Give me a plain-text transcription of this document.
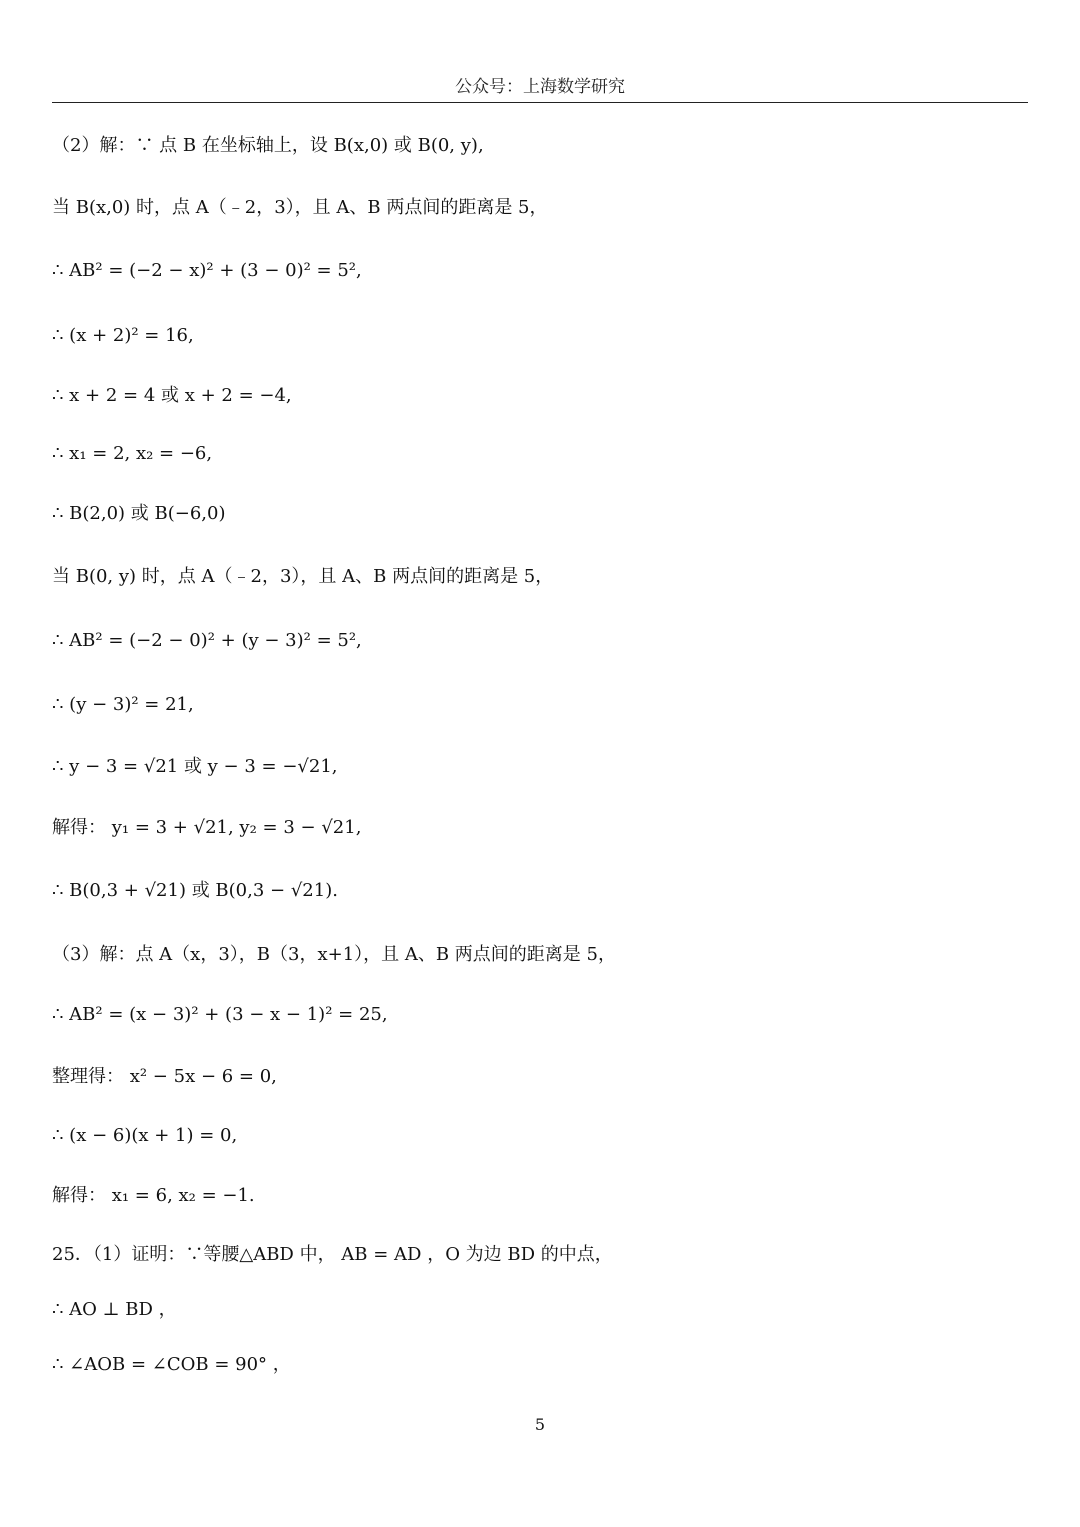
公众号：上海数学研究
（2）解：∵ 点 B 在坐标轴上，设 B(x,0) 或 B(0, y),
当 B(x,0) 时，点 A（﹣2，3），且 A、B 两点间的距离是 5，
∴ AB² = (−2 − x)² + (3 − 0)² = 5²,
∴ (x + 2)² = 16,
∴ x + 2 = 4 或 x + 2 = −4,
∴ x₁ = 2, x₂ = −6,
∴ B(2,0) 或 B(−6,0)
当 B(0, y) 时，点 A（﹣2，3），且 A、B 两点间的距离是 5，
∴ AB² = (−2 − 0)² + (y − 3)² = 5²,
∴ (y − 3)² = 21,
∴ y − 3 = √21 或 y − 3 = −√21,
解得： y₁ = 3 + √21, y₂ = 3 − √21,
∴ B(0,3 + √21) 或 B(0,3 − √21).
（3）解：点 A（x，3），B（3，x+1），且 A、B 两点间的距离是 5，
∴ AB² = (x − 3)² + (3 − x − 1)² = 25,
整理得： x² − 5x − 6 = 0,
∴ (x − 6)(x + 1) = 0,
解得： x₁ = 6, x₂ = −1.
25．（1）证明：∵等腰△ABD 中， AB = AD ，O 为边 BD 的中点，
∴ AO ⊥ BD ，
∴ ∠AOB = ∠COB = 90° ，
5
